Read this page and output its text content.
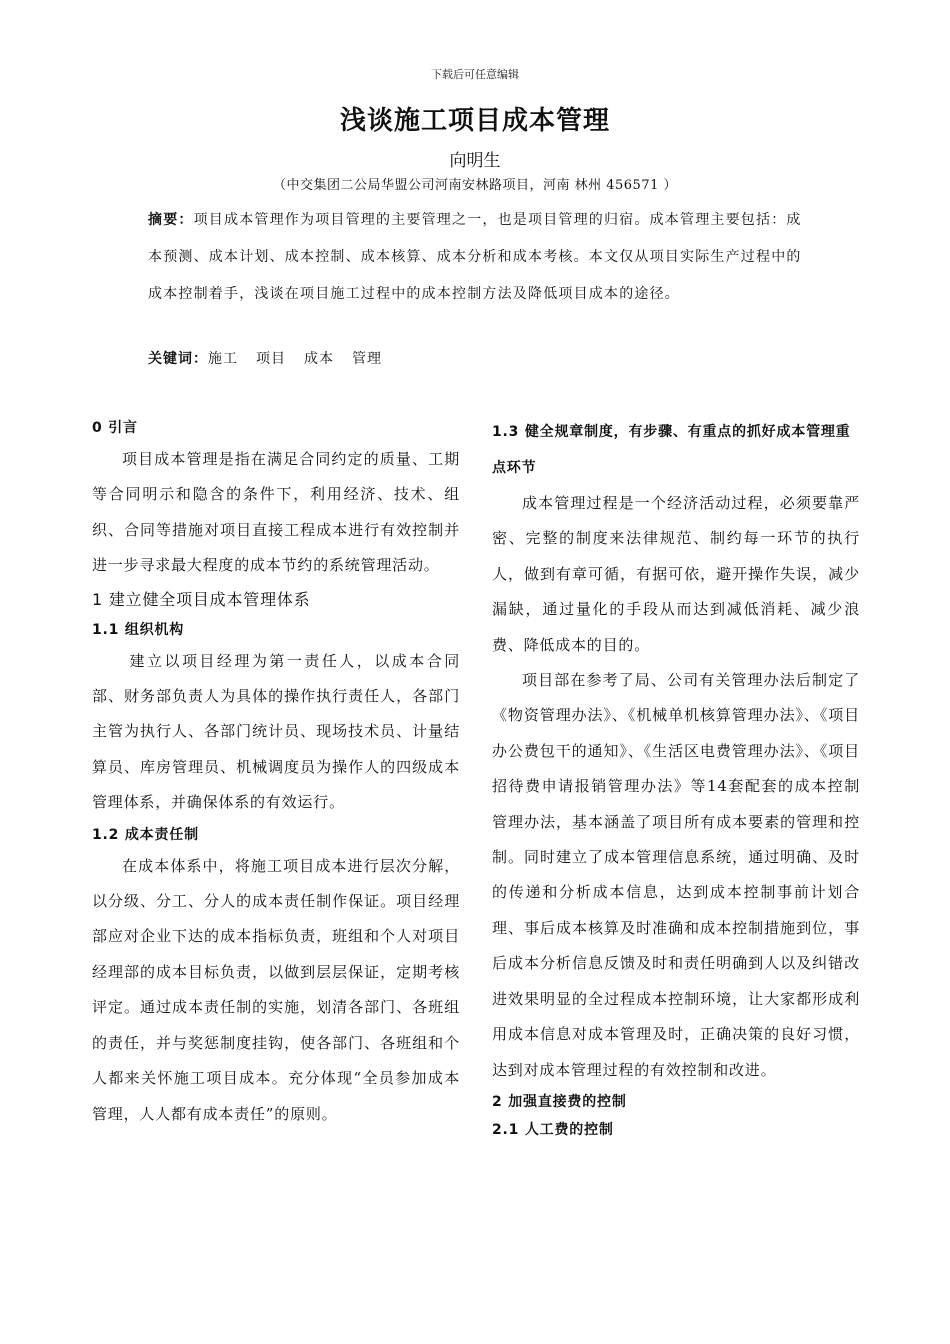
下载后可任意编辑
浅谈施工项目成本管理
向明生
（中交集团二公局华盟公司河南安林路项目，河南 林州 456571 ）
摘要：项目成本管理作为项目管理的主要管理之一，也是项目管理的归宿。成本管理主要包括：成本预测、成本计划、成本控制、成本核算、成本分析和成本考核。本文仅从项目实际生产过程中的成本控制着手，浅谈在项目施工过程中的成本控制方法及降低项目成本的途径。
关键词：施工 项目 成本 管理

0 引言

项目成本管理是指在满足合同约定的质量、工期等合同明示和隐含的条件下，利用经济、技术、组织、合同等措施对项目直接工程成本进行有效控制并进一步寻求最大程度的成本节约的系统管理活动。

1 建立健全项目成本管理体系

1.1 组织机构

建立以项目经理为第一责任人，以成本合同部、财务部负责人为具体的操作执行责任人，各部门主管为执行人、各部门统计员、现场技术员、计量结算员、库房管理员、机械调度员为操作人的四级成本管理体系，并确保体系的有效运行。

1.2 成本责任制

在成本体系中，将施工项目成本进行层次分解，以分级、分工、分人的成本责任制作保证。项目经理部应对企业下达的成本指标负责，班组和个人对项目经理部的成本目标负责，以做到层层保证，定期考核评定。通过成本责任制的实施，划清各部门、各班组的责任，并与奖惩制度挂钩，使各部门、各班组和个人都来关怀施工项目成本。充分体现“全员参加成本管理，人人都有成本责任”的原则。

1.3 健全规章制度，有步骤、有重点的抓好成本管理重点环节

成本管理过程是一个经济活动过程，必须要靠严密、完整的制度来法律规范、制约每一环节的执行人，做到有章可循，有据可依，避开操作失误，减少漏缺，通过量化的手段从而达到减低消耗、减少浪费、降低成本的目的。

项目部在参考了局、公司有关管理办法后制定了《物资管理办法》、《机械单机核算管理办法》、《项目办公费包干的通知》、《生活区电费管理办法》、《项目招待费申请报销管理办法》等14套配套的成本控制管理办法，基本涵盖了项目所有成本要素的管理和控制。同时建立了成本管理信息系统，通过明确、及时的传递和分析成本信息，达到成本控制事前计划合理、事后成本核算及时准确和成本控制措施到位，事后成本分析信息反馈及时和责任明确到人以及纠错改进效果明显的全过程成本控制环境，让大家都形成利用成本信息对成本管理及时，正确决策的良好习惯，达到对成本管理过程的有效控制和改进。

2 加强直接费的控制

2.1 人工费的控制
